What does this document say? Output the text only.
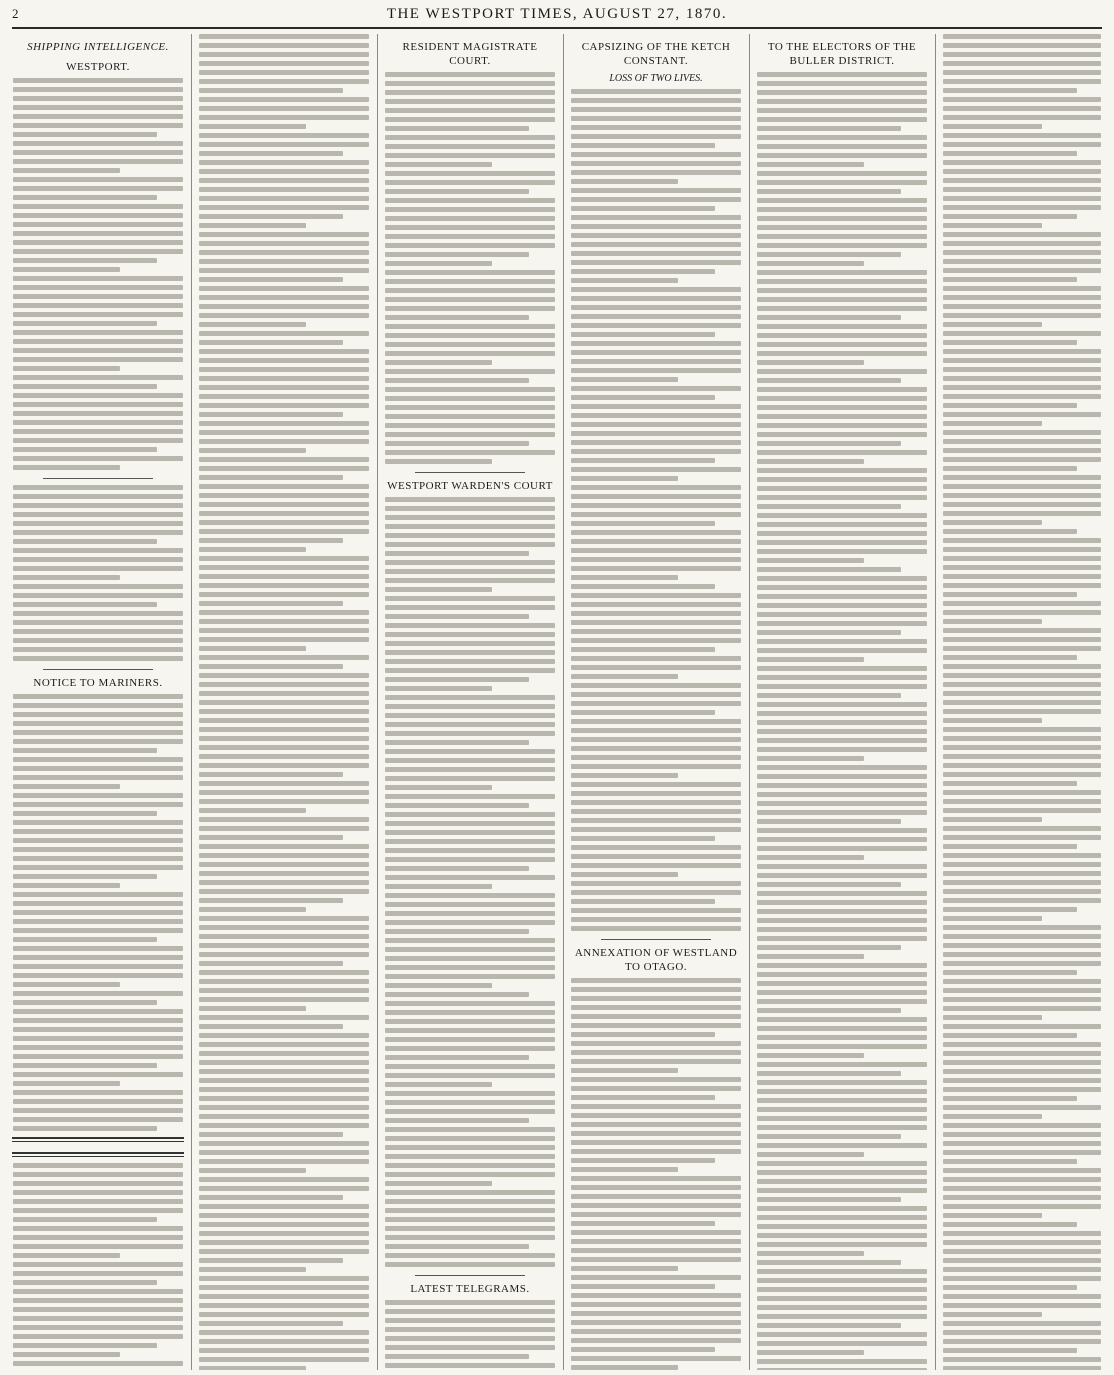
2	THE WESTPORT TIMES, AUGUST 27, 1870.
SHIPPING INTELLIGENCE.
WESTPORT.
NOTICE TO MARINERS.
RESIDENT MAGISTRATE COURT.
WESTPORT WARDEN'S COURT
LATEST TELEGRAMS.
CAPSIZING OF THE KETCH CONSTANT.
LOSS OF TWO LIVES.
ANNEXATION OF WESTLAND TO OTAGO.
TO THE ELECTORS OF THE BULLER DISTRICT.
